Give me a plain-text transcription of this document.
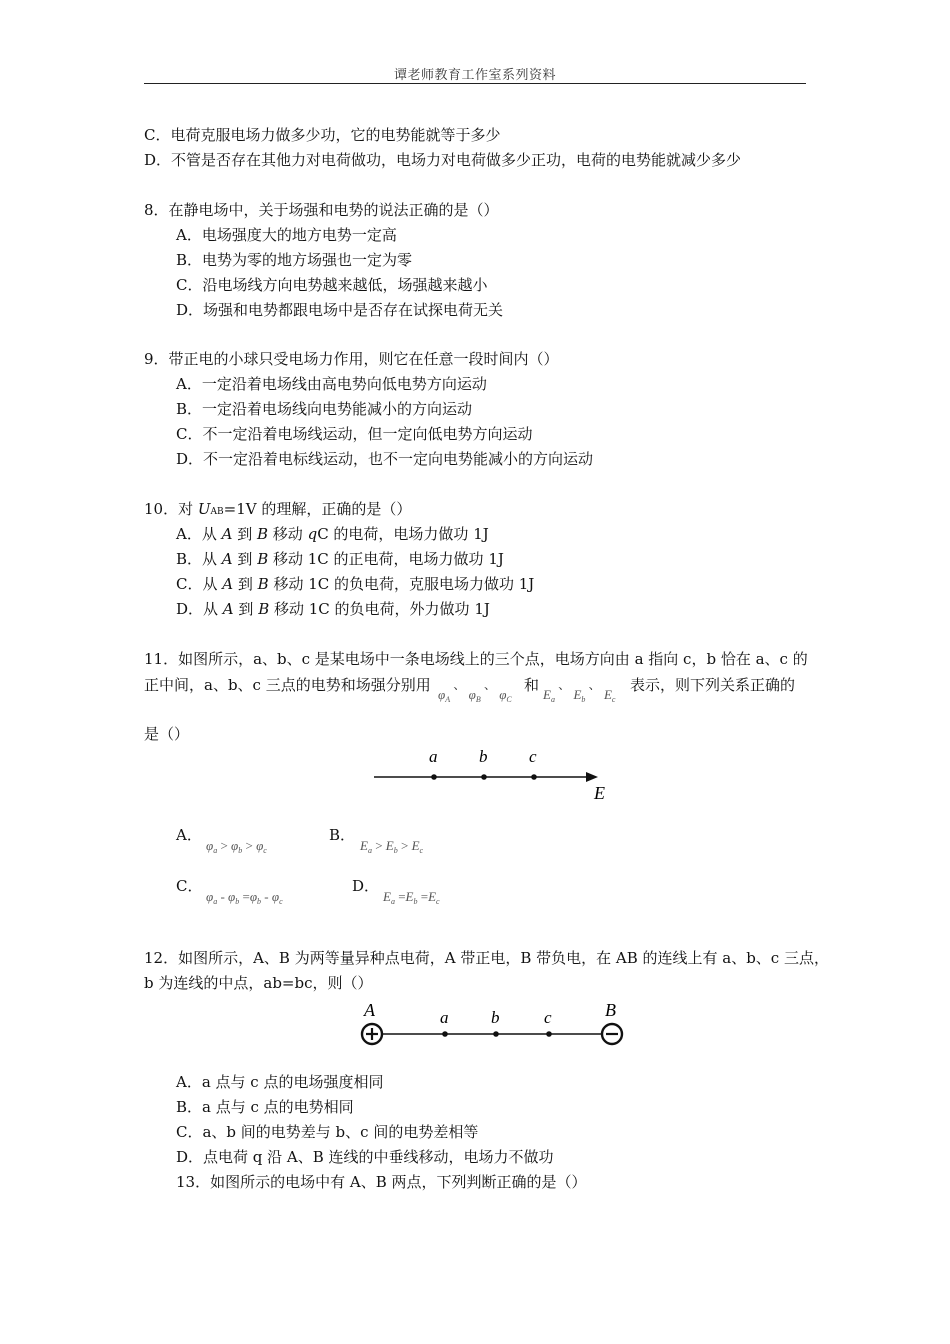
谭老师教育工作室系列资料
C．电荷克服电场力做多少功，它的电势能就等于多少
D．不管是否存在其他力对电荷做功，电场力对电荷做多少正功，电荷的电势能就减少多少
8．在静电场中，关于场强和电势的说法正确的是（）
A．电场强度大的地方电势一定高
B．电势为零的地方场强也一定为零
C．沿电场线方向电势越来越低，场强越来越小
D．场强和电势都跟电场中是否存在试探电荷无关
9．带正电的小球只受电场力作用，则它在任意一段时间内（）
A．一定沿着电场线由高电势向低电势方向运动
B．一定沿着电场线向电势能减小的方向运动
C．不一定沿着电场线运动，但一定向低电势方向运动
D．不一定沿着电标线运动，也不一定向电势能减小的方向运动
10．对 UAB=1V 的理解，正确的是（）
A．从 A 到 B 移动 qC 的电荷，电场力做功 1J
B．从 A 到 B 移动 1C 的正电荷，电场力做功 1J
C．从 A 到 B 移动 1C 的负电荷，克服电场力做功 1J
D．从 A 到 B 移动 1C 的负电荷，外力做功 1J
11．如图所示，a、b、c 是某电场中一条电场线上的三个点，电场方向由 a 指向 c，b 恰在 a、c 的
正中间，a、b、c 三点的电势和场强分别用
$\varphi_A$ 、 $\varphi_B$ 、 $\varphi_C$
和
$E_a$ 、 $E_b$ 、 $E_c$
表示，则下列关系正确的
是（）
a b c
E
A．
$\varphi_a > \varphi_b > \varphi_c$
B．
$E_a > E_b > E_c$
C．
$\varphi_a - \varphi_b =\varphi_b - \varphi_c$
D．
$E_a =E_b =E_c$
12．如图所示，A、B 为两等量异种点电荷，A 带正电，B 带负电，在 AB 的连线上有 a、b、c 三点，
b 为连线的中点，ab=bc，则（）
A	a	b	c	B
A．a 点与 c 点的电场强度相同
B．a 点与 c 点的电势相同
C．a、b 间的电势差与 b、c 间的电势差相等
D．点电荷 q 沿 A、B 连线的中垂线移动，电场力不做功
13．如图所示的电场中有 A、B 两点，下列判断正确的是（）
